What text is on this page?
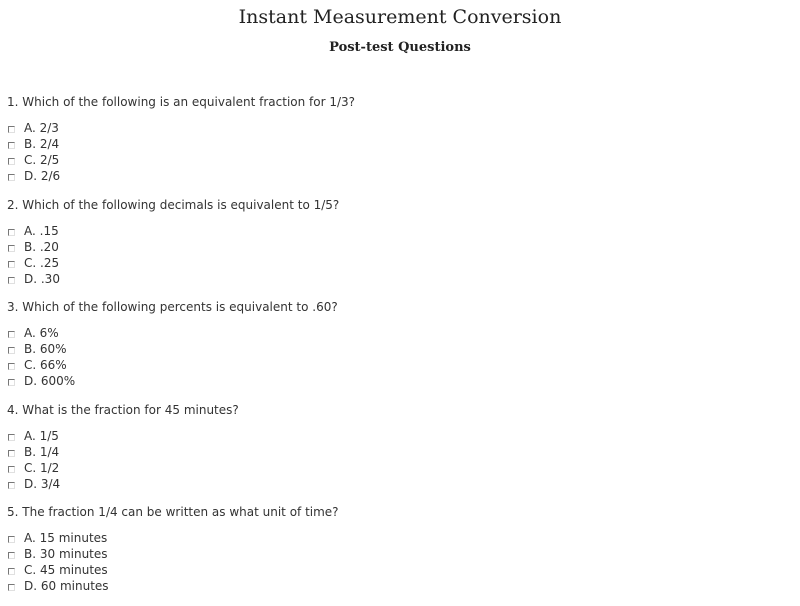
Instant Measurement Conversion
Post-test Questions

1. Which of the following is an equivalent fraction for 1/3?

A. 2/3
B. 2/4
C. 2/5
D. 2/6

2. Which of the following decimals is equivalent to 1/5?

A. .15
B. .20
C. .25
D. .30

3. Which of the following percents is equivalent to .60?

A. 6%
B. 60%
C. 66%
D. 600%

4. What is the fraction for 45 minutes?

A. 1/5
B. 1/4
C. 1/2
D. 3/4

5. The fraction 1/4 can be written as what unit of time?

A. 15 minutes
B. 30 minutes
C. 45 minutes
D. 60 minutes
